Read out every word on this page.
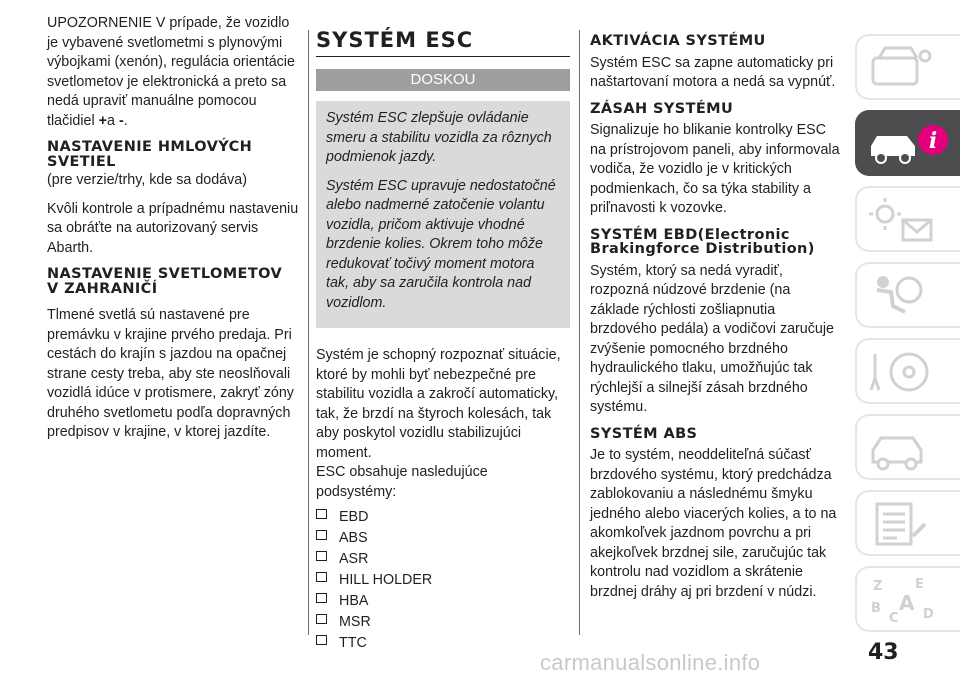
UPOZORNENIE V prípade, že vozidlo je vybavené svetlometmi s plynovými výbojkami (xenón), regulácia orientácie svetlometov je elektronická a preto sa nedá upraviť manuálne pomocou tlačidiel +a -.

NASTAVENIE HMLOVÝCH SVETIEL

(pre verzie/trhy, kde sa dodáva)

Kvôli kontrole a prípadnému nastaveniu sa obráťte na autorizovaný servis Abarth.

NASTAVENIE SVETLOMETOV V ZAHRANIČÍ

Tlmené svetlá sú nastavené pre premávku v krajine prvého predaja. Pri cestách do krajín s jazdou na opačnej strane cesty treba, aby ste neoslňovali vozidlá idúce v protismere, zakryť zóny druhého svetlometu podľa dopravných predpisov v krajine, v ktorej jazdíte.

SYSTÉM ESC
DOSKOU

Systém ESC zlepšuje ovládanie smeru a stabilitu vozidla za rôznych podmienok jazdy.

Systém ESC upravuje nedostatočné alebo nadmerné zatočenie volantu vozidla, pričom aktivuje vhodné brzdenie kolies. Okrem toho môže redukovať točivý moment motora tak, aby sa zaručila kontrola nad vozidlom.

Systém je schopný rozpoznať situácie, ktoré by mohli byť nebezpečné pre stabilitu vozidla a zakročí automaticky, tak, že brzdí na štyroch kolesách, tak aby poskytol vozidlu stabilizujúci moment.

ESC obsahuje nasledujúce podsystémy:

EBD
ABS
ASR
HILL HOLDER
HBA
MSR
TTC
AKTIVÁCIA SYSTÉMU

Systém ESC sa zapne automaticky pri naštartovaní motora a nedá sa vypnúť.

ZÁSAH SYSTÉMU

Signalizuje ho blikanie kontrolky ESC na prístrojovom paneli, aby informovala vodiča, že vozidlo je v kritických podmienkach, čo sa týka stability a priľnavosti k vozovke.

SYSTÉM EBD(Electronic Brakingforce Distribution)

Systém, ktorý sa nedá vyradiť, rozpozná núdzové brzdenie (na základe rýchlosti zošliapnutia brzdového pedála) a vodičovi zaručuje zvýšenie pomocného brzdného hydraulického tlaku, umožňujúc tak rýchlejší a silnejší zásah brzdného systému.

SYSTÉM ABS

Je to systém, neoddeliteľná súčasť brzdového systému, ktorý predchádza zablokovaniu a následnému šmyku jedného alebo viacerých kolies, a to na akomkoľvek jazdnom povrchu a pri akejkoľvek brzdnej sile, zaručujúc tak kontrolu nad vozidlom a skrátenie brzdnej dráhy aj pri brzdení v núdzi.

i
Z	E
B
C
A D
43
carmanualsonline.info
